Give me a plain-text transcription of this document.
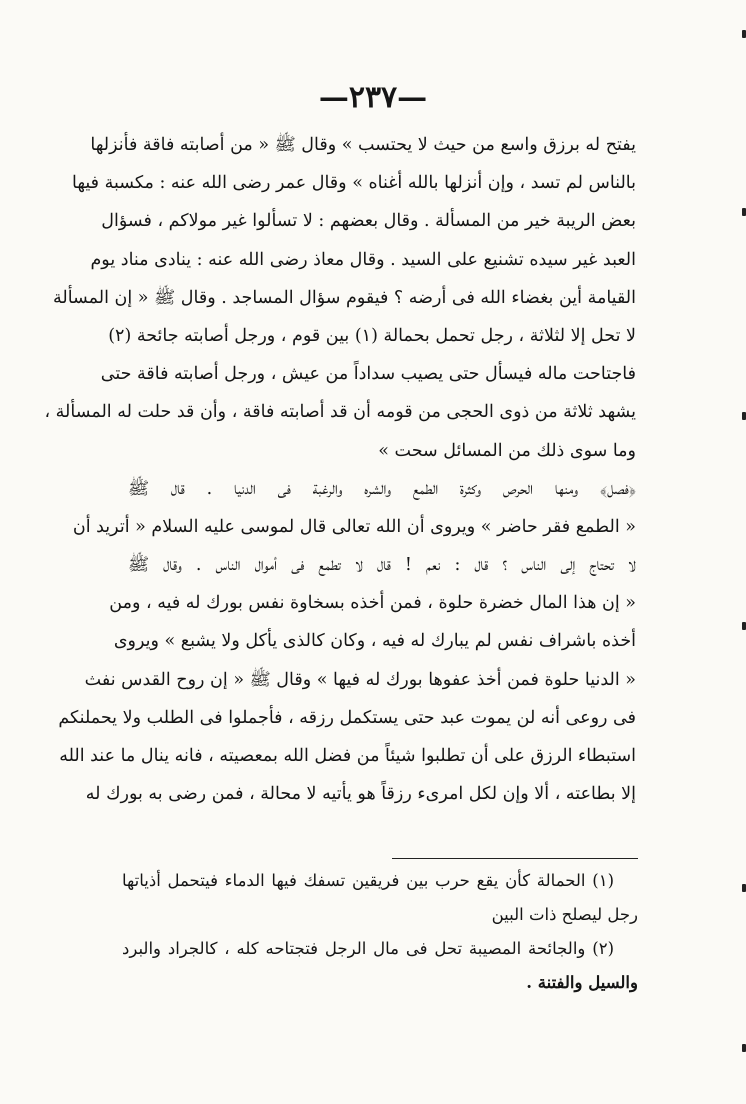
—٢٣٧—
يفتح له برزق واسع من حيث لا يحتسب » وقال ﷺ « من أصابته فاقة فأنزلها
بالناس لم تسد ، وإن أنزلها بالله أغناه » وقال عمر رضى الله عنه : مكسبة فيها
بعض الريبة خير من المسألة . وقال بعضهم : لا تسألوا غير مولاكم ، فسؤال
العبد غير سيده تشنيع على السيد . وقال معاذ رضى الله عنه : ينادى مناد يوم
القيامة أين بغضاء الله فى أرضه ؟ فيقوم سؤال المساجد . وقال ﷺ « إن المسألة
لا تحل إلا لثلاثة ، رجل تحمل بحمالة (١) بين قوم ، ورجل أصابته جائحة (٢)
فاجتاحت ماله فيسأل حتى يصيب سداداً من عيش ، ورجل أصابته فاقة حتى
يشهد ثلاثة من ذوى الحجى من قومه أن قد أصابته فاقة ، وأن قد حلت له المسألة ،
وما سوى ذلك من المسائل سحت »
﴿فصل﴾ ومنها الحرص وكثرة الطمع والشره والرغبة فى الدنيا . قال ﷺ
« الطمع فقر حاضر » ويروى أن الله تعالى قال لموسى عليه السلام « أتريد أن
لا تحتاج إلى الناس ؟ قال : نعم ! قال لا تطمع فى أموال الناس . وقال ﷺ
« إن هذا المال خضرة حلوة ، فمن أخذه بسخاوة نفس بورك له فيه ، ومن
أخذه باشراف نفس لم يبارك له فيه ، وكان كالذى يأكل ولا يشبع » ويروى
« الدنيا حلوة فمن أخذ عفوها بورك له فيها » وقال ﷺ « إن روح القدس نفث
فى روعى أنه لن يموت عبد حتى يستكمل رزقه ، فأجملوا فى الطلب ولا يحملنكم
استبطاء الرزق على أن تطلبوا شيئاً من فضل الله بمعصيته ، فانه ينال ما عند الله
إلا بطاعته ، ألا وإن لكل امرىء رزقاً هو يأتيه لا محالة ، فمن رضى به بورك له
(١) الحمالة كأن يقع حرب بين فريقين تسفك فيها الدماء فيتحمل أذياتها
رجل ليصلح ذات البين
(٢) والجائحة المصيبة تحل فى مال الرجل فتجتاحه كله ، كالجراد والبرد
والسيل والفتنة .
